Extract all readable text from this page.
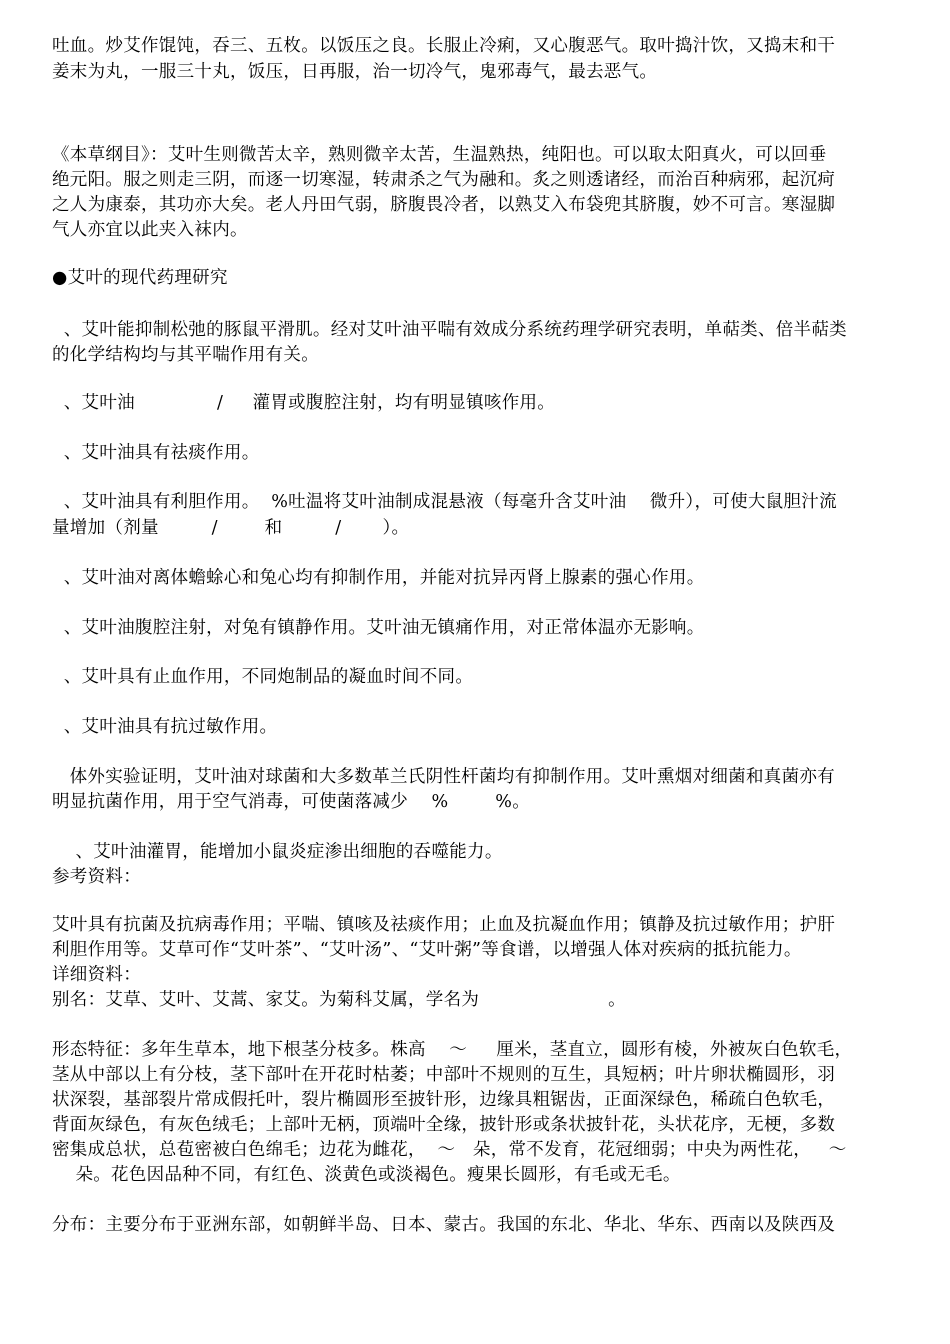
吐血。炒艾作馄饨，吞三、五枚。以饭压之良。长服止冷痢，又心腹恶气。取叶捣汁饮，又捣末和干
姜末为丸，一服三十丸，饭压，日再服，治一切冷气，鬼邪毒气，最去恶气。
《本草纲目》：艾叶生则微苦太辛，熟则微辛太苦，生温熟热，纯阳也。可以取太阳真火，可以回垂
绝元阳。服之则走三阴，而逐一切寒湿，转肃杀之气为融和。炙之则透诸经，而治百种病邪，起沉疴
之人为康泰，其功亦大矣。老人丹田气弱，脐腹畏冷者，以熟艾入布袋兜其脐腹，妙不可言。寒湿脚
气人亦宜以此夹入袜内。
●艾叶的现代药理研究
、艾叶能抑制松弛的豚鼠平滑肌。经对艾叶油平喘有效成分系统药理学研究表明，单萜类、倍半萜类
的化学结构均与其平喘作用有关。
、艾叶油              /     灌胃或腹腔注射，均有明显镇咳作用。
、艾叶油具有祛痰作用。
、艾叶油具有利胆作用。  %吐温将艾叶油制成混悬液（每毫升含艾叶油    微升），可使大鼠胆汁流
量增加（剂量         /        和         /       ）。
、艾叶油对离体蟾蜍心和兔心均有抑制作用，并能对抗异丙肾上腺素的强心作用。
、艾叶油腹腔注射，对兔有镇静作用。艾叶油无镇痛作用，对正常体温亦无影响。
、艾叶具有止血作用，不同炮制品的凝血时间不同。
、艾叶油具有抗过敏作用。
体外实验证明，艾叶油对球菌和大多数革兰氏阴性杆菌均有抑制作用。艾叶熏烟对细菌和真菌亦有
明显抗菌作用，用于空气消毒，可使菌落减少    %        %。
、艾叶油灌胃，能增加小鼠炎症渗出细胞的吞噬能力。
参考资料：
艾叶具有抗菌及抗病毒作用；平喘、镇咳及祛痰作用；止血及抗凝血作用；镇静及抗过敏作用；护肝
利胆作用等。艾草可作“艾叶茶”、“艾叶汤”、“艾叶粥”等食谱，以增强人体对疾病的抵抗能力。
详细资料：
别名：艾草、艾叶、艾蒿、家艾。为菊科艾属，学名为                      。
形态特征：多年生草本，地下根茎分枝多。株高    ～     厘米，茎直立，圆形有棱，外被灰白色软毛，
茎从中部以上有分枝，茎下部叶在开花时枯萎；中部叶不规则的互生，具短柄；叶片卵状椭圆形，羽
状深裂，基部裂片常成假托叶，裂片椭圆形至披针形，边缘具粗锯齿，正面深绿色，稀疏白色软毛，
背面灰绿色，有灰色绒毛；上部叶无柄，顶端叶全缘，披针形或条状披针花，头状花序，无梗，多数
密集成总状，总苞密被白色绵毛；边花为雌花，  ～   朵，常不发育，花冠细弱；中央为两性花，   ～
朵。花色因品种不同，有红色、淡黄色或淡褐色。瘦果长圆形，有毛或无毛。
分布：主要分布于亚洲东部，如朝鲜半岛、日本、蒙古。我国的东北、华北、华东、西南以及陕西及
